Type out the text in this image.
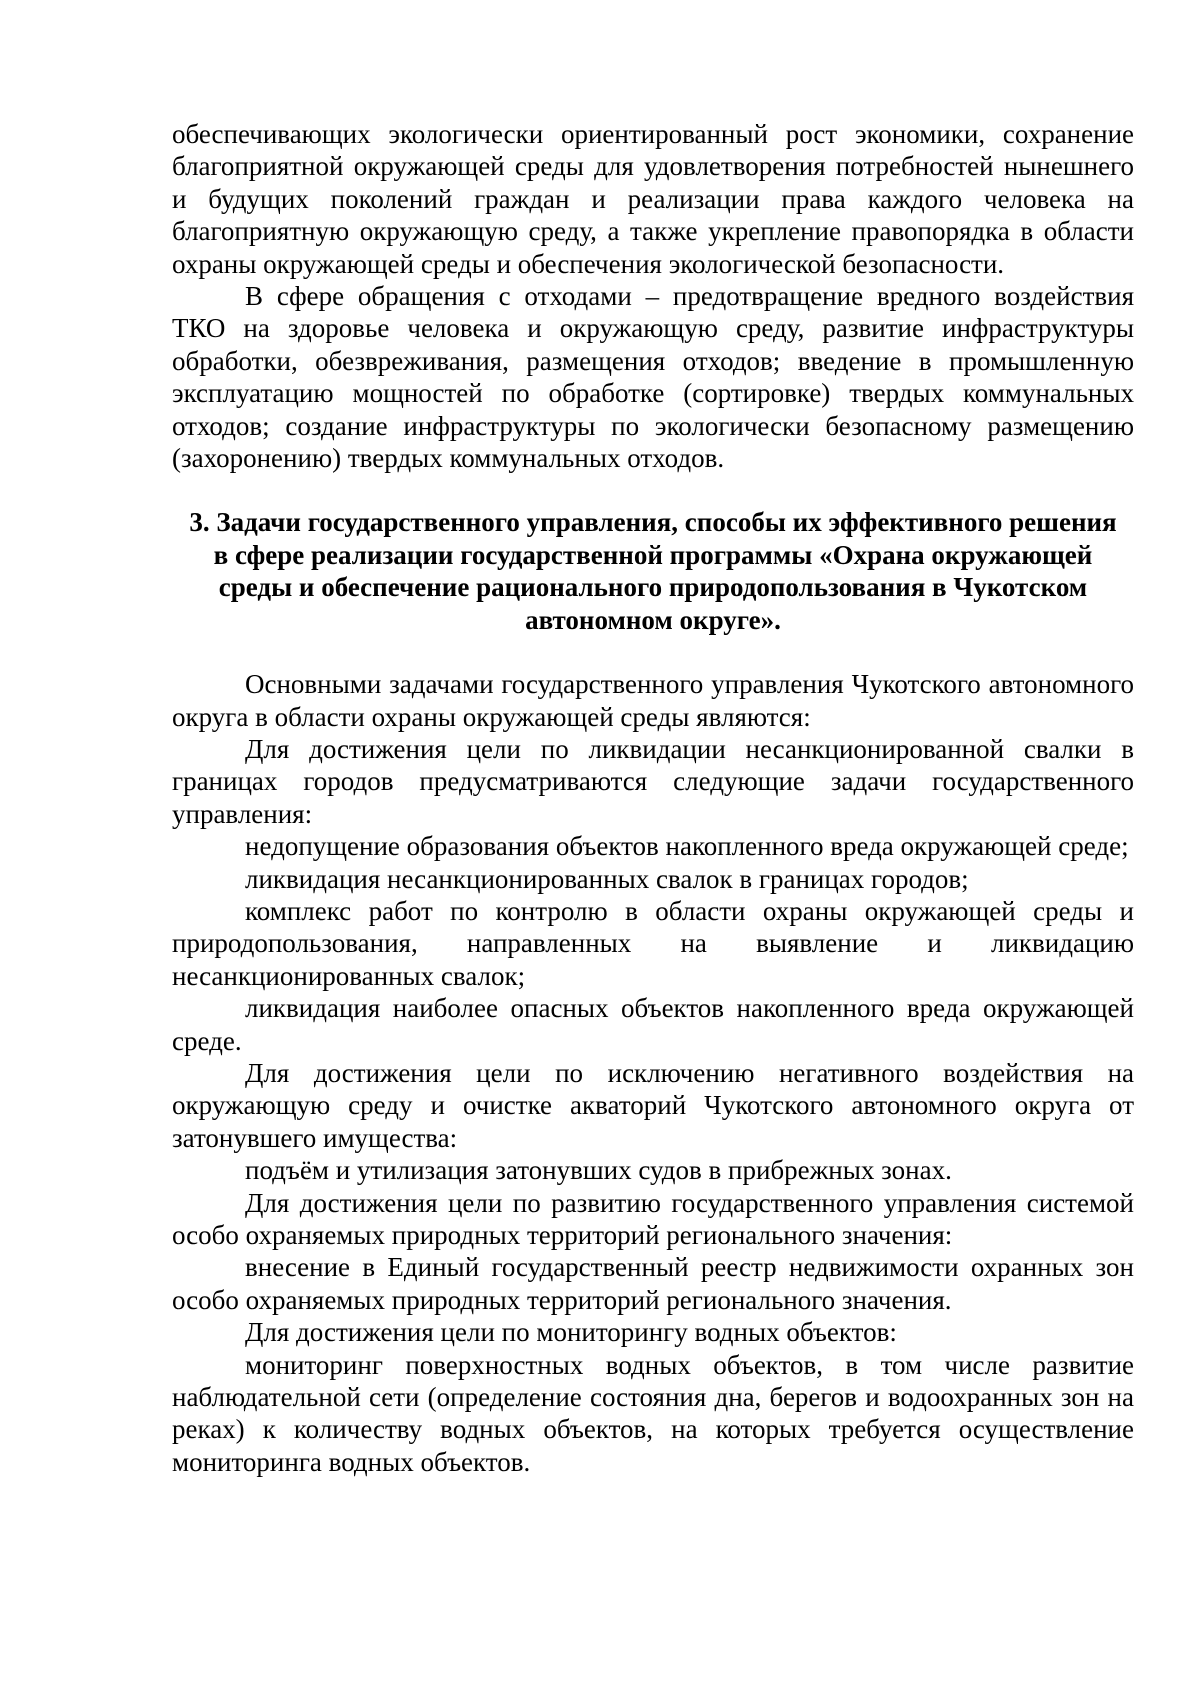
обеспечивающих экологически ориентированный рост экономики, сохранение благоприятной окружающей среды для удовлетворения потребностей нынешнего и будущих поколений граждан и реализации права каждого человека на благоприятную окружающую среду, а также укрепление правопорядка в области охраны окружающей среды и обеспечения экологической безопасности.

В сфере обращения с отходами – предотвращение вредного воздействия ТКО на здоровье человека и окружающую среду, развитие инфраструктуры обработки, обезвреживания, размещения отходов; введение в промышленную эксплуатацию мощностей по обработке (сортировке) твердых коммунальных отходов; создание инфраструктуры по экологически безопасному размещению (захоронению) твердых коммунальных отходов.

3. Задачи государственного управления, способы их эффективного решения в сфере реализации государственной программы «Охрана окружающей среды и обеспечение рационального природопользования в Чукотском автономном округе».

Основными задачами государственного управления Чукотского автономного округа в области охраны окружающей среды являются:

Для достижения цели по ликвидации несанкционированной свалки в границах городов предусматриваются следующие задачи государственного управления:

недопущение образования объектов накопленного вреда окружающей среде;

ликвидация несанкционированных свалок в границах городов;

комплекс работ по контролю в области охраны окружающей среды и природопользования, направленных на выявление и ликвидацию несанкционированных свалок;

ликвидация наиболее опасных объектов накопленного вреда окружающей среде.

Для достижения цели по исключению негативного воздействия на окружающую среду и очистке акваторий Чукотского автономного округа от затонувшего имущества:

подъём и утилизация затонувших судов в прибрежных зонах.

Для достижения цели по развитию государственного управления системой особо охраняемых природных территорий регионального значения:

внесение в Единый государственный реестр недвижимости охранных зон особо охраняемых природных территорий регионального значения.

Для достижения цели по мониторингу водных объектов:

мониторинг поверхностных водных объектов, в том числе развитие наблюдательной сети (определение состояния дна, берегов и водоохранных зон на реках) к количеству водных объектов, на которых требуется осуществление мониторинга водных объектов.
